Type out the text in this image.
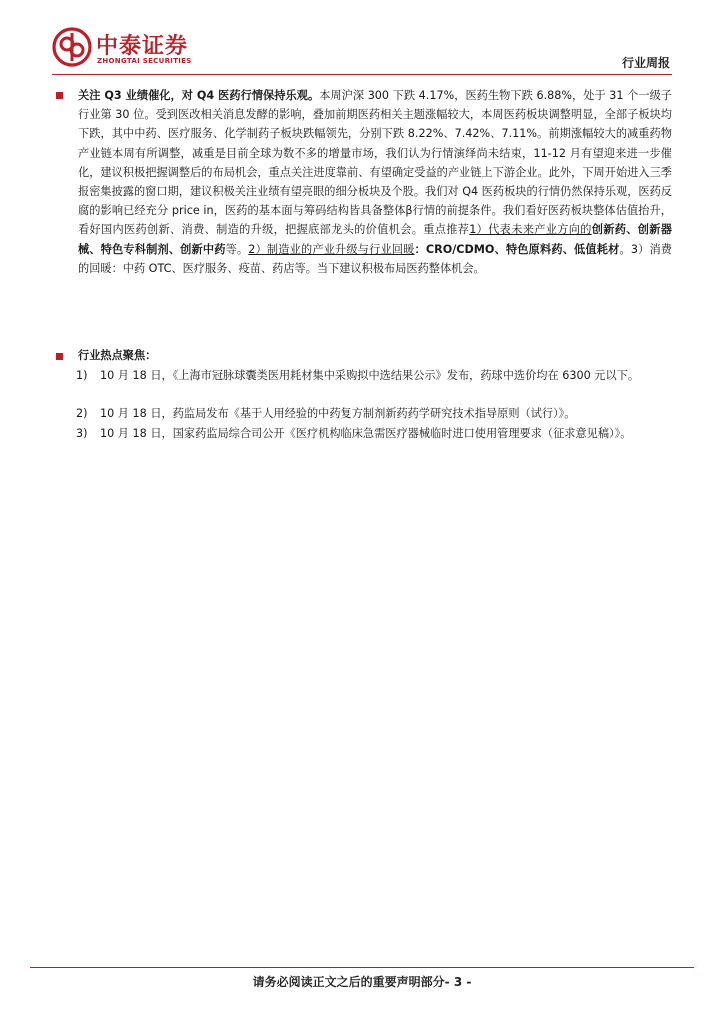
中泰证券
ZHONGTAI SECURITIES	行业周报
关注 Q3 业绩催化，对 Q4 医药行情保持乐观。本周沪深 300 下跌 4.17%，医药生物下跌 6.88%，处于 31 个一级子行业第 30 位。受到医改相关消息发酵的影响，叠加前期医药相关主题涨幅较大，本周医药板块调整明显，全部子板块均下跌，其中中药、医疗服务、化学制药子板块跌幅领先，分别下跌 8.22%、7.42%、7.11%。前期涨幅较大的减重药物产业链本周有所调整，减重是目前全球为数不多的增量市场，我们认为行情演绎尚未结束，11-12 月有望迎来进一步催化，建议积极把握调整后的布局机会，重点关注进度靠前、有望确定受益的产业链上下游企业。此外，下周开始进入三季报密集披露的窗口期，建议积极关注业绩有望亮眼的细分板块及个股。我们对 Q4 医药板块的行情仍然保持乐观，医药反腐的影响已经充分 price in，医药的基本面与筹码结构皆具备整体β行情的前提条件。我们看好医药板块整体估值抬升，看好国内医药创新、消费、制造的升级，把握底部龙头的价值机会。重点推荐1）代表未来产业方向的创新药、创新器械、特色专科制剂、创新中药等。2）制造业的产业升级与行业回暖：CRO/CDMO、特色原料药、低值耗材。3）消费的回暖：中药 OTC、医疗服务、疫苗、药店等。当下建议积极布局医药整体机会。
行业热点聚焦：
1) 10 月 18 日，《上海市冠脉球囊类医用耗材集中采购拟中选结果公示》发布，药球中选价均在 6300 元以下。
2) 10 月 18 日，药监局发布《基于人用经验的中药复方制剂新药药学研究技术指导原则（试行）》。
3) 10 月 18 日，国家药监局综合司公开《医疗机构临床急需医疗器械临时进口使用管理要求（征求意见稿）》。
请务必阅读正文之后的重要声明部分- 3 -
